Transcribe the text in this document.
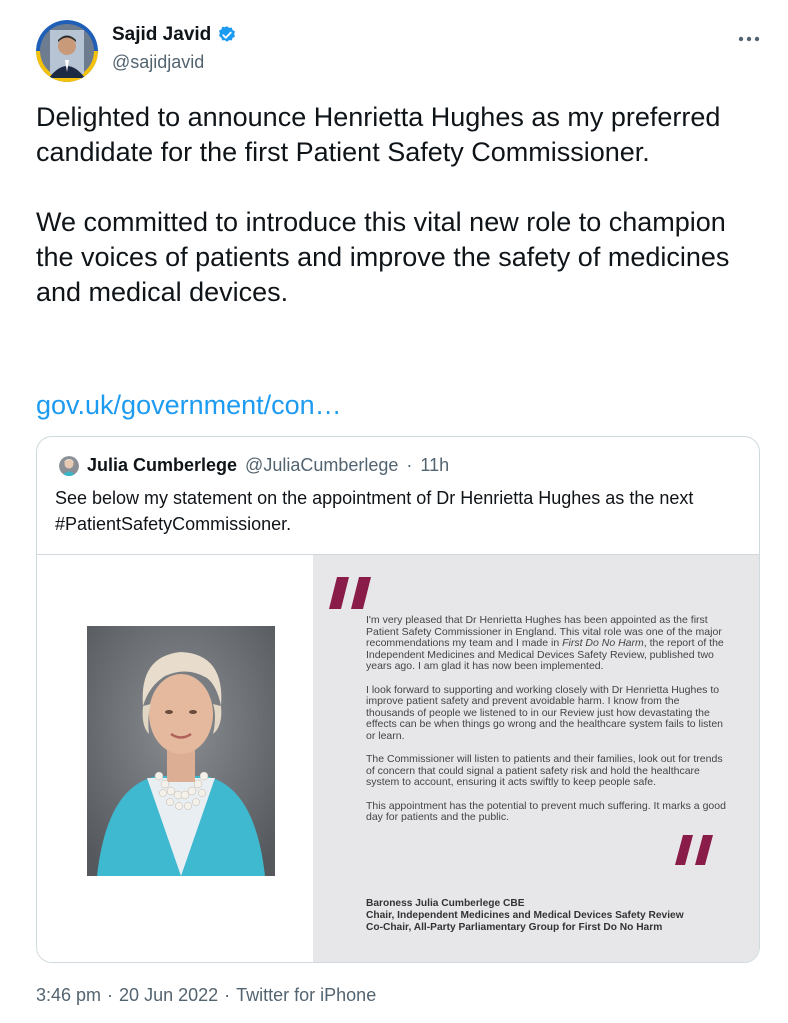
Sajid Javid
@sajidjavid

Delighted to announce Henrietta Hughes as my preferred candidate for the first Patient Safety Commissioner.

We committed to introduce this vital new role to champion the voices of patients and improve the safety of medicines and medical devices.

gov.uk/government/con…
Julia Cumberlege @JuliaCumberlege · 11h
See below my statement on the appointment of Dr Henrietta Hughes as the next #PatientSafetyCommissioner.

I'm very pleased that Dr Henrietta Hughes has been appointed as the first Patient Safety Commissioner in England. This vital role was one of the major recommendations my team and I made in First Do No Harm, the report of the Independent Medicines and Medical Devices Safety Review, published two years ago. I am glad it has now been implemented.

I look forward to supporting and working closely with Dr Henrietta Hughes to improve patient safety and prevent avoidable harm. I know from the thousands of people we listened to in our Review just how devastating the effects can be when things go wrong and the healthcare system fails to listen or learn.

The Commissioner will listen to patients and their families, look out for trends of concern that could signal a patient safety risk and hold the healthcare system to account, ensuring it acts swiftly to keep people safe.

This appointment has the potential to prevent much suffering. It marks a good day for patients and the public.

Baroness Julia Cumberlege CBE
Chair, Independent Medicines and Medical Devices Safety Review
Co-Chair, All-Party Parliamentary Group for First Do No Harm
3:46 pm · 20 Jun 2022 · Twitter for iPhone
